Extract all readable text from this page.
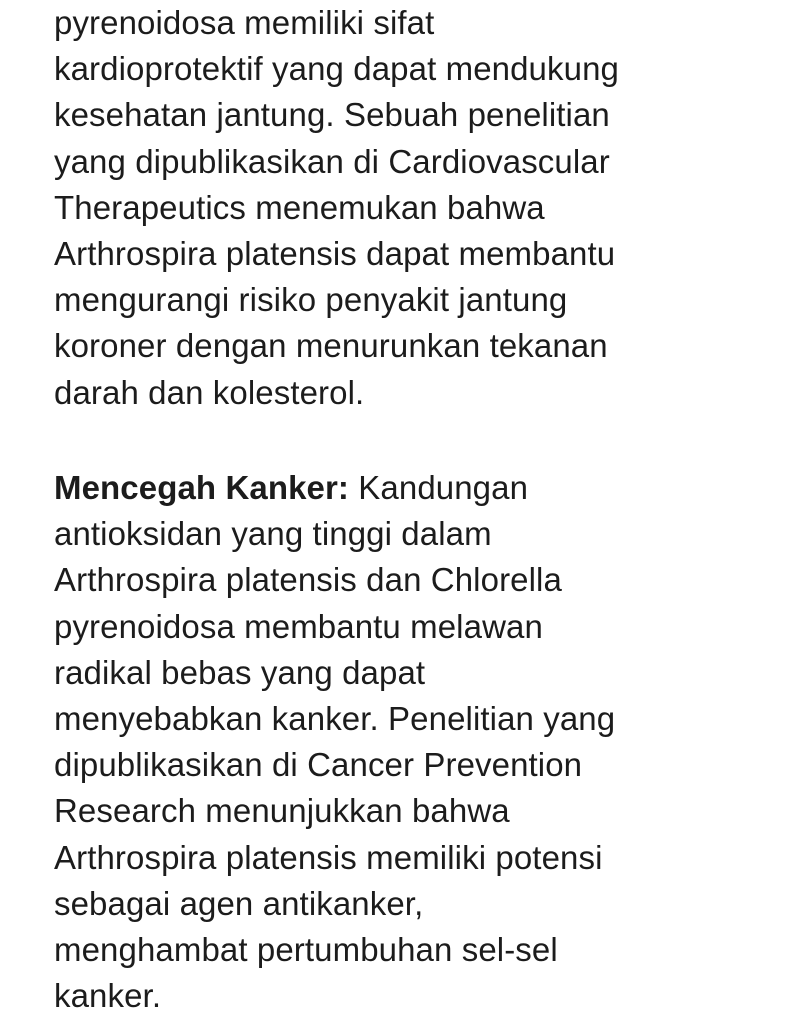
pyrenoidosa memiliki sifat
kardioprotektif yang dapat mendukung
kesehatan jantung. Sebuah penelitian
yang dipublikasikan di Cardiovascular
Therapeutics menemukan bahwa
Arthrospira platensis dapat membantu
mengurangi risiko penyakit jantung
koroner dengan menurunkan tekanan
darah dan kolesterol.
Mencegah Kanker: Kandungan
antioksidan yang tinggi dalam
Arthrospira platensis dan Chlorella
pyrenoidosa membantu melawan
radikal bebas yang dapat
menyebabkan kanker. Penelitian yang
dipublikasikan di Cancer Prevention
Research menunjukkan bahwa
Arthrospira platensis memiliki potensi
sebagai agen antikanker,
menghambat pertumbuhan sel-sel
kanker.
